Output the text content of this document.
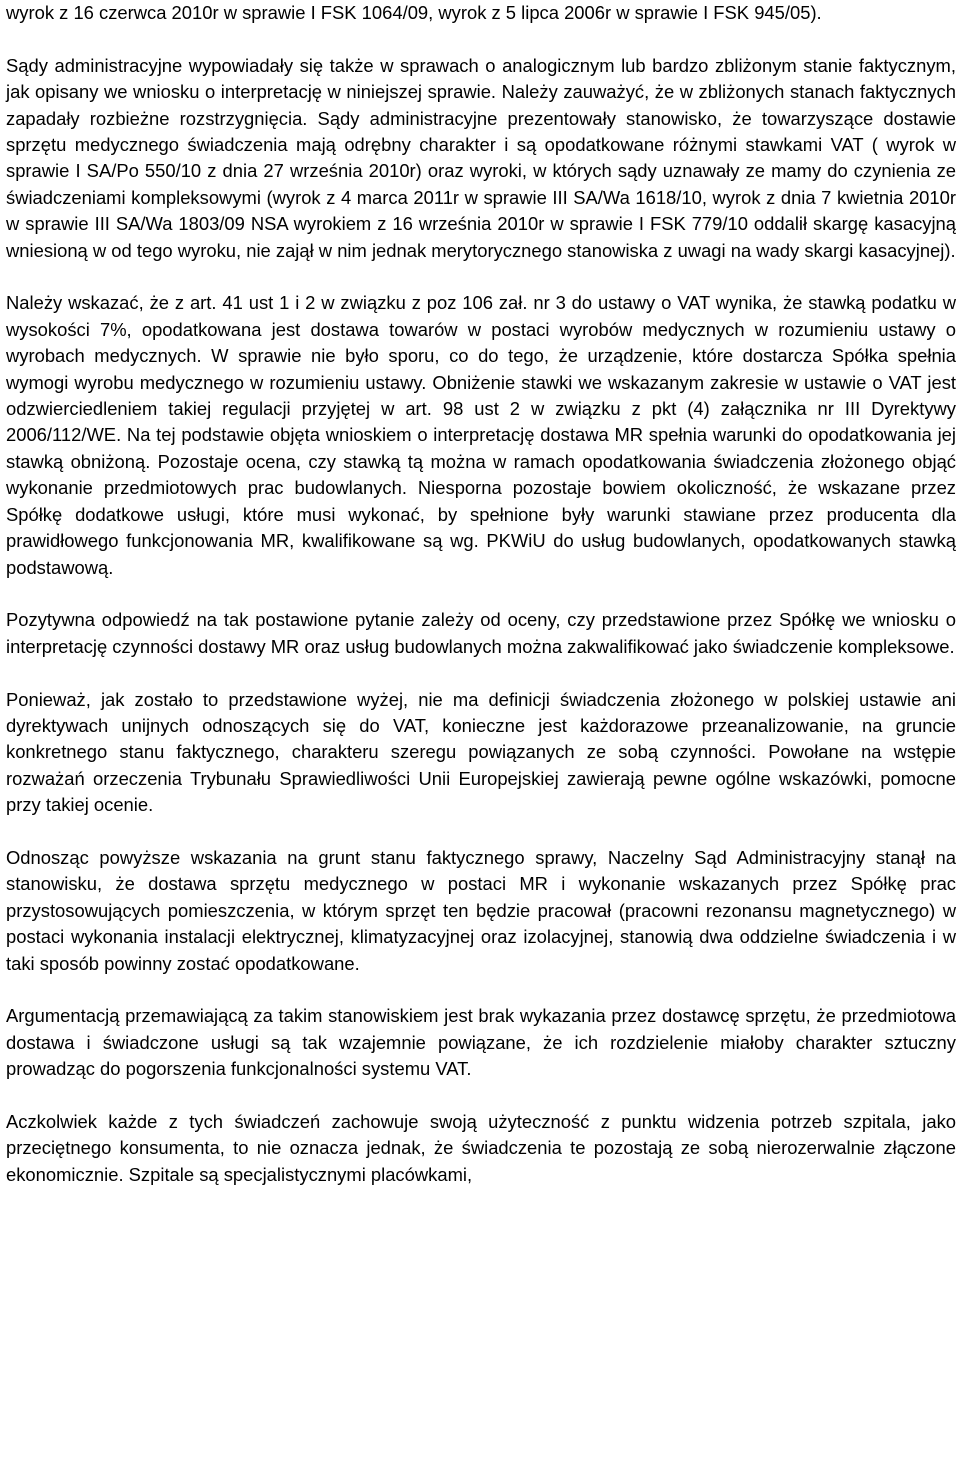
wyrok z 16 czerwca 2010r w sprawie I FSK 1064/09, wyrok z 5 lipca 2006r w sprawie I FSK 945/05).

Sądy administracyjne wypowiadały się także w sprawach o analogicznym lub bardzo zbliżonym stanie faktycznym, jak opisany we wniosku o interpretację w niniejszej sprawie. Należy zauważyć, że w zbliżonych stanach faktycznych zapadały rozbieżne rozstrzygnięcia. Sądy administracyjne prezentowały stanowisko, że towarzyszące dostawie sprzętu medycznego świadczenia mają odrębny charakter i są opodatkowane różnymi stawkami VAT ( wyrok w sprawie I SA/Po 550/10 z dnia 27 września 2010r) oraz wyroki, w których sądy uznawały ze mamy do czynienia ze świadczeniami kompleksowymi (wyrok z 4 marca 2011r w sprawie III SA/Wa 1618/10, wyrok z dnia 7 kwietnia 2010r w sprawie III SA/Wa 1803/09 NSA wyrokiem z 16 września 2010r w sprawie I FSK 779/10 oddalił skargę kasacyjną wniesioną w od tego wyroku, nie zajął w nim jednak merytorycznego stanowiska z uwagi na wady skargi kasacyjnej).

Należy wskazać, że z art. 41 ust 1 i 2 w związku z poz 106 zał. nr 3 do ustawy o VAT wynika, że stawką podatku w wysokości 7%, opodatkowana jest dostawa towarów w postaci wyrobów medycznych w rozumieniu ustawy o wyrobach medycznych. W sprawie nie było sporu, co do tego, że urządzenie, które dostarcza Spółka spełnia wymogi wyrobu medycznego w rozumieniu ustawy. Obniżenie stawki we wskazanym zakresie w ustawie o VAT jest odzwierciedleniem takiej regulacji przyjętej w art. 98 ust 2 w związku z pkt (4) załącznika nr III Dyrektywy 2006/112/WE. Na tej podstawie objęta wnioskiem o interpretację dostawa MR spełnia warunki do opodatkowania jej stawką obniżoną. Pozostaje ocena, czy stawką tą można w ramach opodatkowania świadczenia złożonego objąć wykonanie przedmiotowych prac budowlanych. Niesporna pozostaje bowiem okoliczność, że wskazane przez Spółkę dodatkowe usługi, które musi wykonać, by spełnione były warunki stawiane przez producenta dla prawidłowego funkcjonowania MR, kwalifikowane są wg. PKWiU do usług budowlanych, opodatkowanych stawką podstawową.

Pozytywna odpowiedź na tak postawione pytanie zależy od oceny, czy przedstawione przez Spółkę we wniosku o interpretację czynności dostawy MR oraz usług budowlanych można zakwalifikować jako świadczenie kompleksowe.

Ponieważ, jak zostało to przedstawione wyżej, nie ma definicji świadczenia złożonego w polskiej ustawie ani dyrektywach unijnych odnoszących się do VAT, konieczne jest każdorazowe przeanalizowanie, na gruncie konkretnego stanu faktycznego, charakteru szeregu powiązanych ze sobą czynności. Powołane na wstępie rozważań orzeczenia Trybunału Sprawiedliwości Unii Europejskiej zawierają pewne ogólne wskazówki, pomocne przy takiej ocenie.

Odnosząc powyższe wskazania na grunt stanu faktycznego sprawy, Naczelny Sąd Administracyjny stanął na stanowisku, że dostawa sprzętu medycznego w postaci MR i wykonanie wskazanych przez Spółkę prac przystosowujących pomieszczenia, w którym sprzęt ten będzie pracował (pracowni rezonansu magnetycznego) w postaci wykonania instalacji elektrycznej, klimatyzacyjnej oraz izolacyjnej, stanowią dwa oddzielne świadczenia i w taki sposób powinny zostać opodatkowane.

Argumentacją przemawiającą za takim stanowiskiem jest brak wykazania przez dostawcę sprzętu, że przedmiotowa dostawa i świadczone usługi są tak wzajemnie powiązane, że ich rozdzielenie miałoby charakter sztuczny prowadząc do pogorszenia funkcjonalności systemu VAT.

Aczkolwiek każde z tych świadczeń zachowuje swoją użyteczność z punktu widzenia potrzeb szpitala, jako przeciętnego konsumenta, to nie oznacza jednak, że świadczenia te pozostają ze sobą nierozerwalnie złączone ekonomicznie. Szpitale są specjalistycznymi placówkami,
